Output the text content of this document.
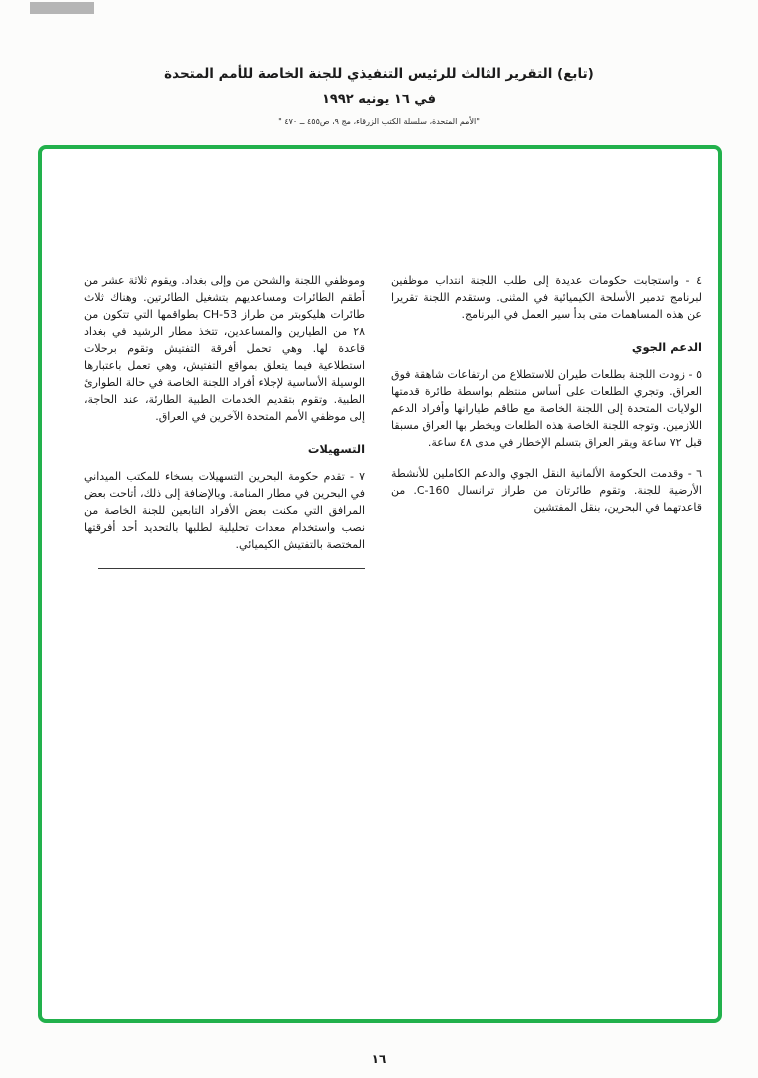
(تابع) التقرير الثالث للرئيس التنفيذي للجنة الخاصة للأمم المتحدة
في ١٦ يونيه ١٩٩٢
"الأمم المتحدة، سلسلة الكتب الزرقاء، مج ٩، ص٤٥٥ ــ ٤٧٠ "

٤ - واستجابت حكومات عديدة إلى طلب اللجنة انتداب موظفين لبرنامج تدمير الأسلحة الكيميائية في المثنى. وستقدم اللجنة تقريرا عن هذه المساهمات متى بدأ سير العمل في البرنامج.

الدعم الجوي

٥ - زودت اللجنة بطلعات طيران للاستطلاع من ارتفاعات شاهقة فوق العراق. وتجري الطلعات على أساس منتظم بواسطة طائرة قدمتها الولايات المتحدة إلى اللجنة الخاصة مع طاقم طيارانها وأفراد الدعم اللازمين. وتوجه اللجنة الخاصة هذه الطلعات ويخطر بها العراق مسبقا قبل ٧٢ ساعة ويقر العراق بتسلم الإخطار في مدى ٤٨ ساعة.

٦ - وقدمت الحكومة الألمانية النقل الجوي والدعم الكاملين للأنشطة الأرضية للجنة. وتقوم طائرتان من طراز ترانسال C-160. من قاعدتهما في البحرين، بنقل المفتشين

وموظفي اللجنة والشحن من وإلى بغداد. ويقوم ثلاثة عشر من أطقم الطائرات ومساعديهم بتشغيل الطائرتين. وهناك ثلاث طائرات هليكوبتر من طراز CH-53 بطواقمها التي تتكون من ٢٨ من الطيارين والمساعدين، تتخذ مطار الرشيد في بغداد قاعدة لها. وهي تحمل أفرقة التفتيش وتقوم برحلات استطلاعية فيما يتعلق بمواقع التفتيش، وهي تعمل باعتبارها الوسيلة الأساسية لإجلاء أفراد اللجنة الخاصة في حالة الطوارئ الطبية. وتقوم بتقديم الخدمات الطبية الطارئة، عند الحاجة، إلى موظفي الأمم المتحدة الآخرين في العراق.

التسهيلات

٧ - تقدم حكومة البحرين التسهيلات بسخاء للمكتب الميداني في البحرين في مطار المنامة. وبالإضافة إلى ذلك، أتاحت بعض المرافق التي مكنت بعض الأفراد التابعين للجنة الخاصة من نصب واستخدام معدات تحليلية لطلبها بالتحديد أحد أفرقتها المختصة بالتفتيش الكيميائي.

١٦
